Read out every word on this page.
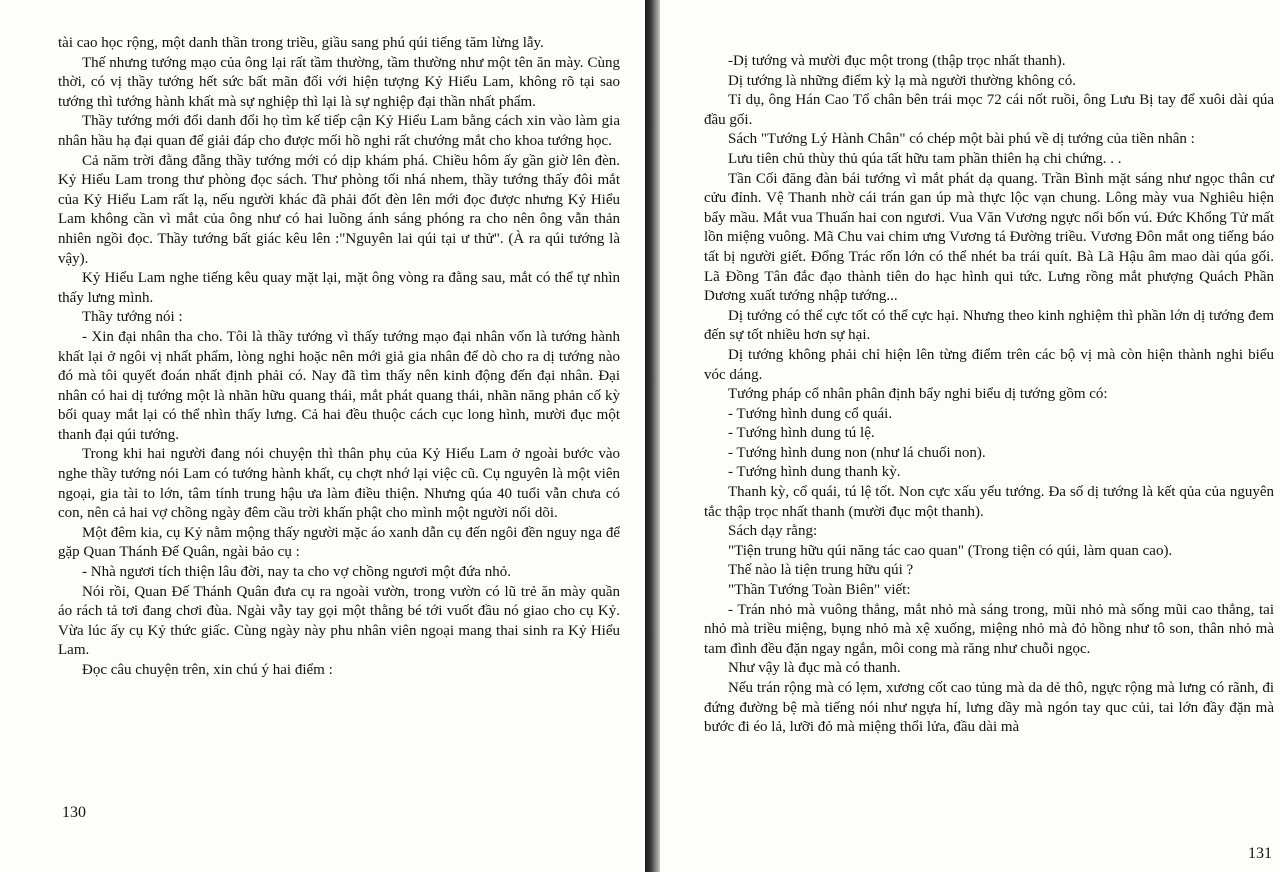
tài cao học rộng, một danh thần trong triều, giầu sang phú qúi tiếng tăm lừng lẫy.

Thế nhưng tướng mạo của ông lại rất tầm thường, tầm thường như một tên ăn mày. Cùng thời, có vị thầy tướng hết sức bất mãn đối với hiện tượng Kỷ Hiểu Lam, không rõ tại sao tướng thì tướng hành khất mà sự nghiệp thì lại là sự nghiệp đại thần nhất phẩm.

Thầy tướng mới đổi danh đổi họ tìm kế tiếp cận Kỷ Hiểu Lam bằng cách xin vào làm gia nhân hầu hạ đại quan để giải đáp cho được mối hồ nghi rất chướng mắt cho khoa tướng học.

Cả năm trời đằng đẵng thầy tướng mới có dịp khám phá. Chiều hôm ấy gần giờ lên đèn. Kỷ Hiểu Lam trong thư phòng đọc sách. Thư phòng tối nhá nhem, thầy tướng thấy đôi mắt của Kỷ Hiểu Lam rất lạ, nếu người khác đã phải đốt đèn lên mới đọc được nhưng Kỷ Hiểu Lam không cần vì mắt của ông như có hai luồng ánh sáng phóng ra cho nên ông vẫn thản nhiên ngồi đọc. Thầy tướng bất giác kêu lên :"Nguyên lai qúi tại ư thử". (À ra qúi tướng là vậy).

Kỷ Hiểu Lam nghe tiếng kêu quay mặt lại, mặt ông vòng ra đằng sau, mắt có thể tự nhìn thấy lưng mình.

Thầy tướng nói :

- Xin đại nhân tha cho. Tôi là thầy tướng vì thấy tướng mạo đại nhân vốn là tướng hành khất lại ở ngôi vị nhất phẩm, lòng nghi hoặc nên mới giả gia nhân để dò cho ra dị tướng nào đó mà tôi quyết đoán nhất định phải có. Nay đã tìm thấy nên kinh động đến đại nhân. Đại nhân có hai dị tướng một là nhãn hữu quang thái, mắt phát quang thái, nhãn năng phản cố kỳ bối quay mắt lại có thể nhìn thấy lưng. Cả hai đều thuộc cách cục long hình, mười đục một thanh đại qúi tướng.

Trong khi hai người đang nói chuyện thì thân phụ của Kỷ Hiểu Lam ở ngoài bước vào nghe thầy tướng nói Lam có tướng hành khất, cụ chợt nhớ lại việc cũ. Cụ nguyên là một viên ngoại, gia tài to lớn, tâm tính trung hậu ưa làm điều thiện. Nhưng qúa 40 tuổi vẫn chưa có con, nên cả hai vợ chồng ngày đêm cầu trời khấn phật cho mình một người nối dõi.

Một đêm kia, cụ Kỷ nằm mộng thấy người mặc áo xanh dẫn cụ đến ngôi đền nguy nga để gặp Quan Thánh Đế Quân, ngài bảo cụ :

- Nhà ngươi tích thiện lâu đời, nay ta cho vợ chồng ngươi một đứa nhỏ.

Nói rồi, Quan Đế Thánh Quân đưa cụ ra ngoài vườn, trong vườn có lũ trẻ ăn mày quần áo rách tả tơi đang chơi đùa. Ngài vẫy tay gọi một thằng bé tới vuốt đầu nó giao cho cụ Kỷ. Vừa lúc ấy cụ Kỷ thức giấc. Cùng ngày này phu nhân viên ngoại mang thai sinh ra Kỷ Hiểu Lam.

Đọc câu chuyện trên, xin chú ý hai điểm :

130

-Dị tướng và mười đục một trong (thập trọc nhất thanh).

Dị tướng là những điểm kỳ lạ mà người thường không có.

Tỉ dụ, ông Hán Cao Tổ chân bên trái mọc 72 cái nốt ruồi, ông Lưu Bị tay để xuôi dài qúa đầu gối.

Sách "Tướng Lý Hành Chân" có chép một bài phú về dị tướng của tiền nhân :

Lưu tiên chủ thùy thủ qúa tất hữu tam phần thiên hạ chi chứng. . .

Tần Cối đăng đàn bái tướng vì mắt phát dạ quang. Trần Bình mặt sáng như ngọc thân cư cửu đỉnh. Vệ Thanh nhờ cái trán gan úp mà thực lộc vạn chung. Lông mày vua Nghiêu hiện bẩy mầu. Mắt vua Thuấn hai con ngươi. Vua Văn Vương ngực nổi bốn vú. Đức Khổng Tử mất lồn miệng vuông. Mã Chu vai chim ưng Vương tá Đường triều. Vương Đôn mắt ong tiếng báo tất bị người giết. Đổng Trác rốn lớn có thể nhét ba trái quít. Bà Lã Hậu âm mao dài qúa gối. Lã Đồng Tân đắc đạo thành tiên do hạc hình qui tức. Lưng rồng mắt phượng Quách Phần Dương xuất tướng nhập tướng...

Dị tướng có thể cực tốt có thể cực hại. Nhưng theo kinh nghiệm thì phần lớn dị tướng đem đến sự tốt nhiều hơn sự hại.

Dị tướng không phải chỉ hiện lên từng điểm trên các bộ vị mà còn hiện thành nghi biểu vóc dáng.

Tướng pháp cổ nhân phân định bẩy nghi biểu dị tướng gồm có:

- Tướng hình dung cổ quái.

- Tướng hình dung tú lệ.

- Tướng hình dung non (như lá chuối non).

- Tướng hình dung thanh kỳ.

Thanh kỳ, cổ quái, tú lệ tốt. Non cực xấu yểu tướng. Đa số dị tướng là kết qủa của nguyên tắc thập trọc nhất thanh (mười đục một thanh).

Sách dạy rằng:

"Tiện trung hữu qúi năng tác cao quan" (Trong tiện có qúi, làm quan cao).

Thế nào là tiện trung hữu qúi ?

"Thần Tướng Toàn Biên" viết:

- Trán nhỏ mà vuông thẳng, mắt nhỏ mà sáng trong, mũi nhỏ mà sống mũi cao thẳng, tai nhỏ mà triều miệng, bụng nhỏ mà xệ xuống, miệng nhỏ mà đỏ hồng như tô son, thân nhỏ mà tam đình đều đặn ngay ngắn, môi cong mà răng như chuỗi ngọc.

Như vậy là đục mà có thanh.

Nếu trán rộng mà có lẹm, xương cốt cao tủng mà da dẻ thô, ngực rộng mà lưng có rãnh, đi đứng đường bệ mà tiếng nói như ngựa hí, lưng dầy mà ngón tay quc củi, tai lớn đầy đặn mà bước đi éo lả, lưỡi đỏ mà miệng thổi lửa, đầu dài mà

131
